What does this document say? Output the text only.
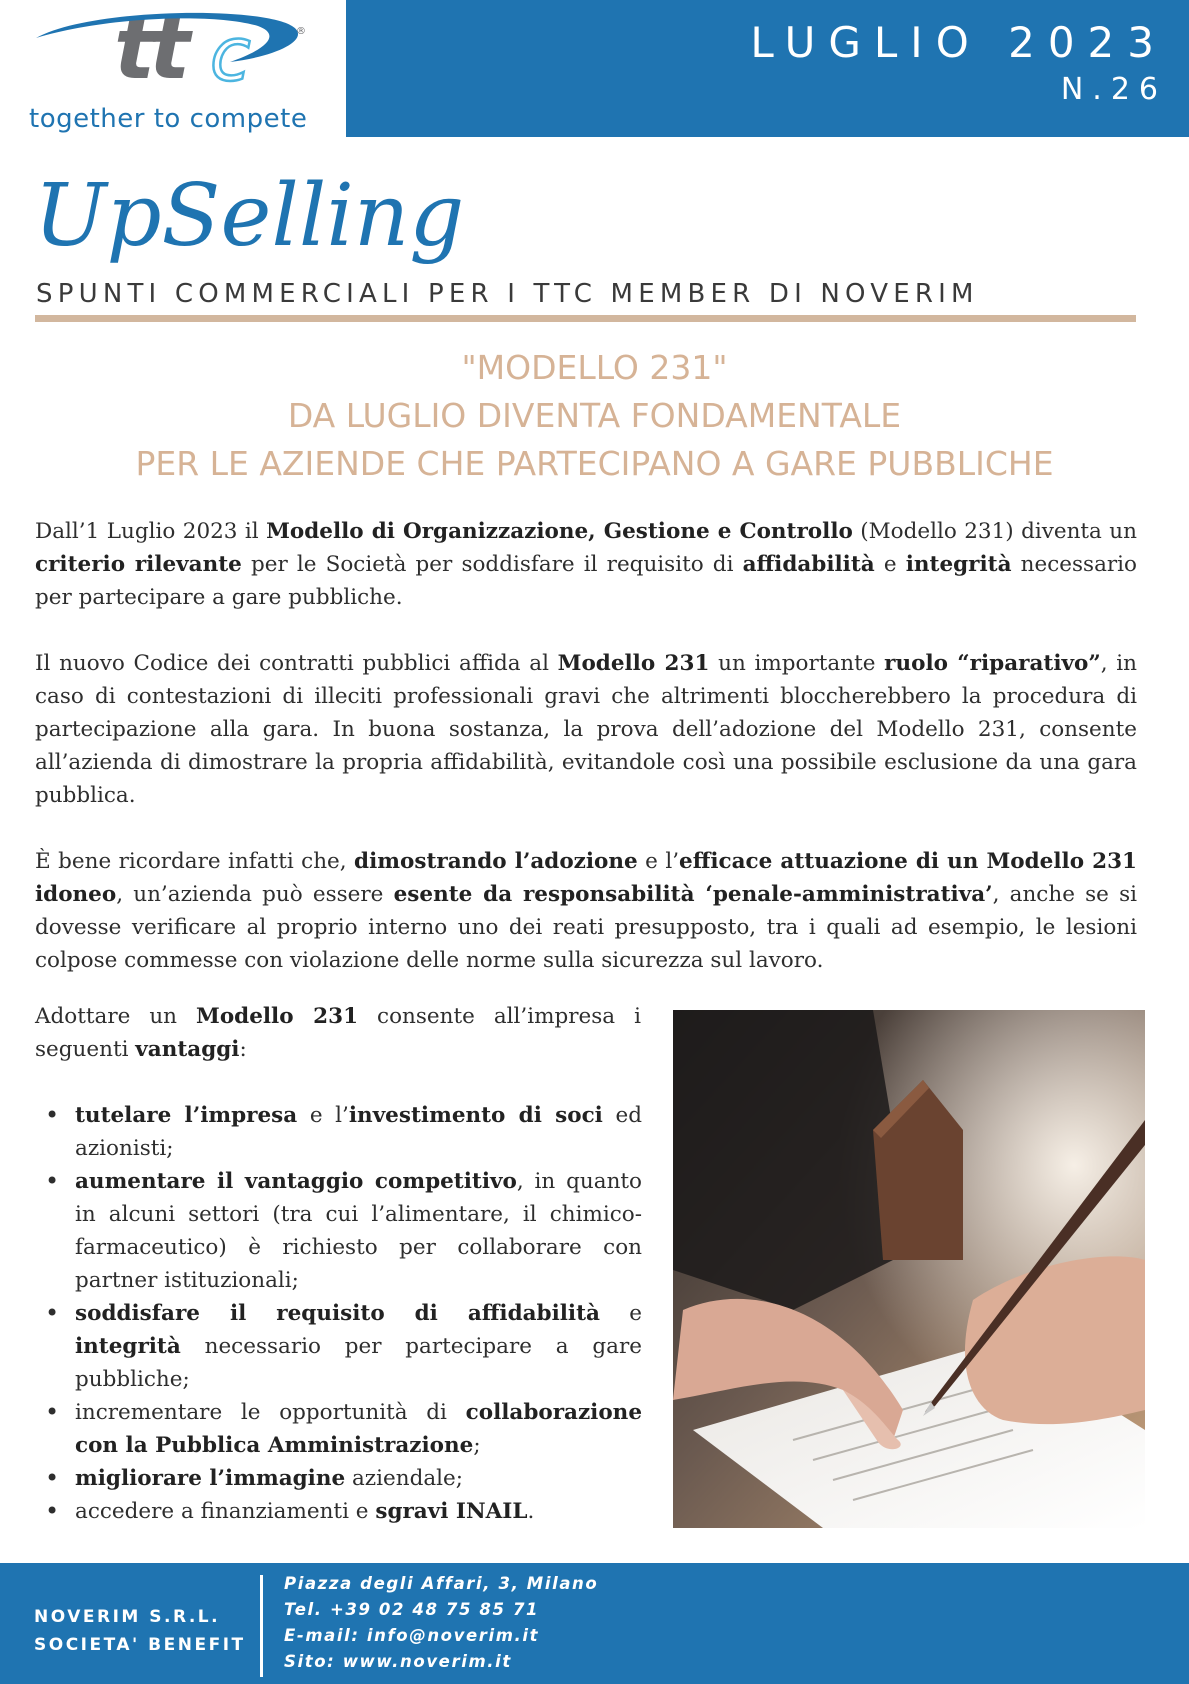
tt c	®
together to compete
LUGLIO 2023
N.26
UpSelling
SPUNTI COMMERCIALI PER I TTC MEMBER DI NOVERIM
"MODELLO 231"
DA LUGLIO DIVENTA FONDAMENTALE
PER LE AZIENDE CHE PARTECIPANO A GARE PUBBLICHE
Dall’1 Luglio 2023 il Modello di Organizzazione, Gestione e Controllo (Modello 231) diventa un criterio rilevante per le Società per soddisfare il requisito di affidabilità e integrità necessario per partecipare a gare pubbliche.
Il nuovo Codice dei contratti pubblici affida al Modello 231 un importante ruolo “riparativo”, in caso di contestazioni di illeciti professionali gravi che altrimenti bloccherebbero la procedura di partecipazione alla gara. In buona sostanza, la prova dell’adozione del Modello 231, consente all’azienda di dimostrare la propria affidabilità, evitandole così una possibile esclusione da una gara pubblica.
È bene ricordare infatti che, dimostrando l’adozione e l’efficace attuazione di un Modello 231 idoneo, un’azienda può essere esente da responsabilità ‘penale-amministrativa’, anche se si dovesse verificare al proprio interno uno dei reati presupposto, tra i quali ad esempio, le lesioni colpose commesse con violazione delle norme sulla sicurezza sul lavoro.
Adottare un Modello 231 consente all’impresa i seguenti vantaggi:
• tutelare l’impresa e l’investimento di soci ed azionisti;
• aumentare il vantaggio competitivo, in quanto in alcuni settori (tra cui l’alimentare, il chimico-farmaceutico) è richiesto per collaborare con partner istituzionali;
• soddisfare il requisito di affidabilità e integrità necessario per partecipare a gare pubbliche;
• incrementare le opportunità di collaborazione con la Pubblica Amministrazione;
• migliorare l’immagine aziendale;
• accedere a finanziamenti e sgravi INAIL.
NOVERIM S.R.L.
SOCIETA' BENEFIT
Piazza degli Affari, 3, Milano
Tel. +39 02 48 75 85 71
E-mail: info@noverim.it
Sito: www.noverim.it
